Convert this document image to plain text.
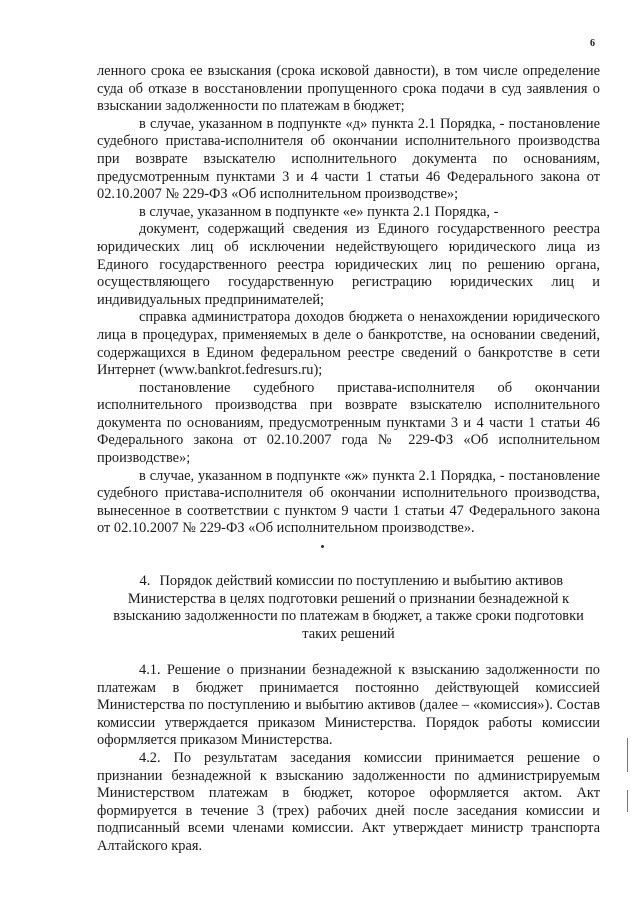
6

ленного срока ее взыскания (срока исковой давности), в том числе определение суда об отказе в восстановлении пропущенного срока подачи в суд заявления о взыскании задолженности по платежам в бюджет;

в случае, указанном в подпункте «д» пункта 2.1 Порядка, - постановление судебного пристава-исполнителя об окончании исполнительного производства при возврате взыскателю исполнительного документа по основаниям, предусмотренным пунктами 3 и 4 части 1 статьи 46 Федерального закона от 02.10.2007 № 229-ФЗ «Об исполнительном производстве»;

в случае, указанном в подпункте «е» пункта 2.1 Порядка, -

документ, содержащий сведения из Единого государственного реестра юридических лиц об исключении недействующего юридического лица из Единого государственного реестра юридических лиц по решению органа, осуществляющего государственную регистрацию юридических лиц и индивидуальных предпринимателей;

справка администратора доходов бюджета о ненахождении юридического лица в процедурах, применяемых в деле о банкротстве, на основании сведений, содержащихся в Едином федеральном реестре сведений о банкротстве в сети Интернет (www.bankrot.fedresurs.ru);

постановление судебного пристава-исполнителя об окончании исполнительного производства при возврате взыскателю исполнительного документа по основаниям, предусмотренным пунктами 3 и 4 части 1 статьи 46 Федерального закона от 02.10.2007 года № 229-ФЗ «Об исполнительном производстве»;

в случае, указанном в подпункте «ж» пункта 2.1 Порядка, - постановление судебного пристава-исполнителя об окончании исполнительного производства, вынесенное в соответствии с пунктом 9 части 1 статьи 47 Федерального закона от 02.10.2007 № 229-ФЗ «Об исполнительном производстве».

4. Порядок действий комиссии по поступлению и выбытию активов Министерства в целях подготовки решений о признании безнадежной к взысканию задолженности по платежам в бюджет, а также сроки подготовки таких решений

4.1. Решение о признании безнадежной к взысканию задолженности по платежам в бюджет принимается постоянно действующей комиссией Министерства по поступлению и выбытию активов (далее – «комиссия»). Состав комиссии утверждается приказом Министерства. Порядок работы комиссии оформляется приказом Министерства.

4.2. По результатам заседания комиссии принимается решение о признании безнадежной к взысканию задолженности по администрируемым Министерством платежам в бюджет, которое оформляется актом. Акт формируется в течение 3 (трех) рабочих дней после заседания комиссии и подписанный всеми членами комиссии. Акт утверждает министр транспорта Алтайского края.
